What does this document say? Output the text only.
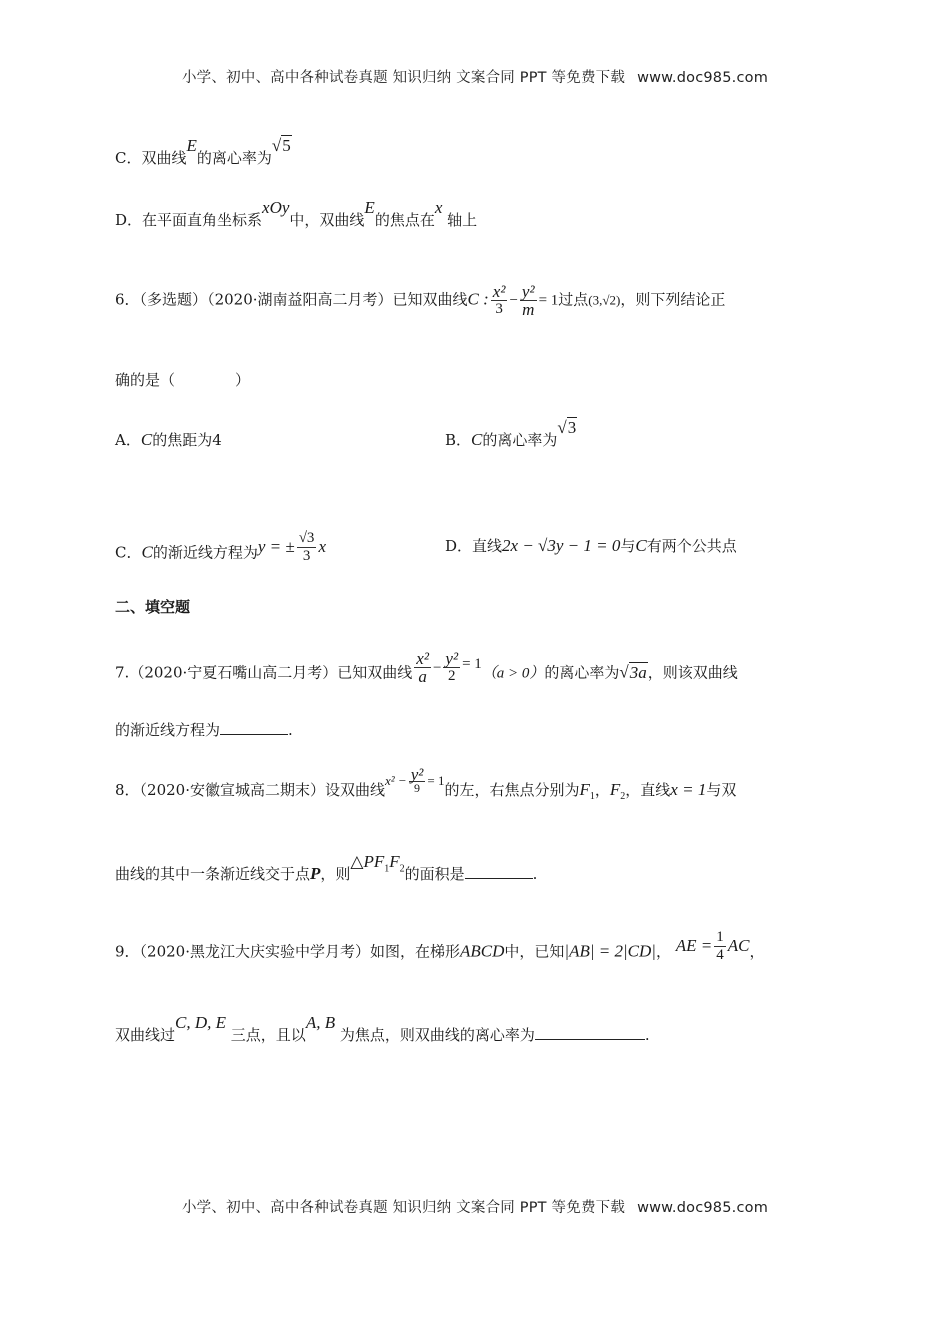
小学、初中、高中各种试卷真题 知识归纳 文案合同 PPT 等免费下载 www.doc985.com
C．双曲线E的离心率为√5
D．在平面直角坐标系xOy中，双曲线E的焦点在x 轴上
6．（多选题）（2020·湖南益阳高二月考）已知双曲线C : $\frac{\text{x²}}{3} - \frac{\text{y²}}{m} = 1$过点(3,√2)，则下列结论正
确的是（　　　　）
A．C的焦距为4	B．C的离心率为√3
C．C的渐近线方程为y = ± $\frac{√3}{3}$ x	D．直线2x − √3y − 1 = 0与C有两个公共点
二、填空题
7.（2020·宁夏石嘴山高二月考）已知双曲线 $\frac{\text{x²}}{a} - \frac{\text{y²}}{2} = 1(a > 0)$的离心率为√3a，则该双曲线
的渐近线方程为	.
8．（2020·安徽宣城高二期末）设双曲线$x^2 - \frac{\text{y²}}{9} = 1$的左，右焦点分别为$F_1$，$F_2$，直线x = 1与双
曲线的其中一条渐近线交于点P，则$\triangle PF_1F_2$的面积是	.
9．（2020·黑龙江大庆实验中学月考）如图，在梯形ABCD中，已知|AB| = 2|CD|， AE = $\frac{1}{4}$ AC，
双曲线过C, D, E 三点，且以A, B 为焦点，则双曲线的离心率为	.
小学、初中、高中各种试卷真题 知识归纳 文案合同 PPT 等免费下载 www.doc985.com
